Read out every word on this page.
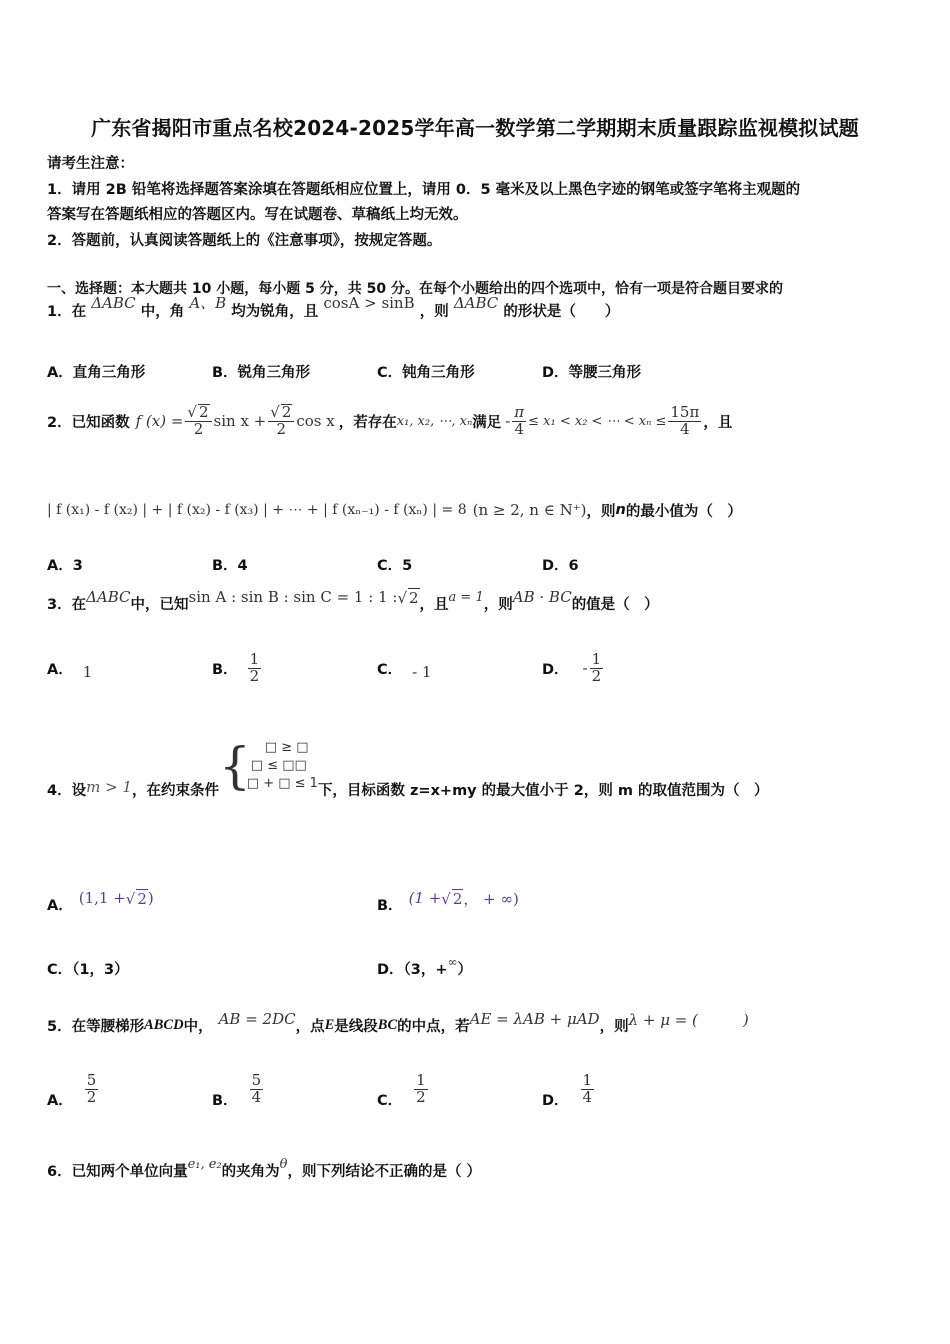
广东省揭阳市重点名校2024-2025学年高一数学第二学期期末质量跟踪监视模拟试题
请考生注意：
1．请用 2B 铅笔将选择题答案涂填在答题纸相应位置上，请用 0．5 毫米及以上黑色字迹的钢笔或签字笔将主观题的
答案写在答题纸相应的答题区内。写在试题卷、草稿纸上均无效。
2．答题前，认真阅读答题纸上的《注意事项》，按规定答题。
一、选择题：本大题共 10 小题，每小题 5 分，共 50 分。在每个小题给出的四个选项中，恰有一项是符合题目要求的
1．在 ΔABC 中，角 A、B 均为锐角，且 cosA > sinB ，则 ΔABC 的形状是（　　）
A．直角三角形	B．锐角三角形	C．钝角三角形	D．等腰三角形
2．已知函数 f $(x) = \frac{√ 2}{2}$ $\sin x + \frac{√ 2}{2}$ cos x ，若存在 x₁, x₂, ⋯, xₙ 满足 - $\frac{\pi}{4} \le x_1 < x_2$ < ⋯ < $x_n \le \frac{15\pi}{4}$ ，且
| f (x₁) - f (x₂) | + | f (x₂) - f (x₃) | + ⋯ + | f (xₙ₋₁) - f (xₙ) | = 8 (n ≥ 2, n ∈ N⁺) ，则 n 的最小值为（　）
A．3	B．4	C．5	D．6
3．在 ΔABC 中，已知 sin A : sin B : sin C = 1 : 1 : √ 2 ，且 a = 1 ，则 AB · BC 的值是（　）
A． 1	B． $\frac{1}{2}$	C． - 1	D． - $\frac{1}{2}$
4．设 m > 1 ，在约束条件 {	□ ≥ □
□ ≤ □□
□ + □ ≤ 1 下，目标函数 z=x+my 的最大值小于 2，则 m 的取值范围为（　）
A． (1,1 + √ 2 )	B． (1 + √ 2 ， + ∞)
C．（1，3）	D．（3，+ ∞ ）
5．在等腰梯形 ABCD 中， AB = 2DC ，点 E 是线段 BC 的中点，若 AE = λAB + μAD ，则 λ + μ = (　　　)
A． $\frac{5}{2}$	B． $\frac{5}{4}$	C． $\frac{1}{2}$	D． $\frac{1}{4}$
6．已知两个单位向量 e₁, e₂ 的夹角为 θ ，则下列结论不正确的是（ ）
